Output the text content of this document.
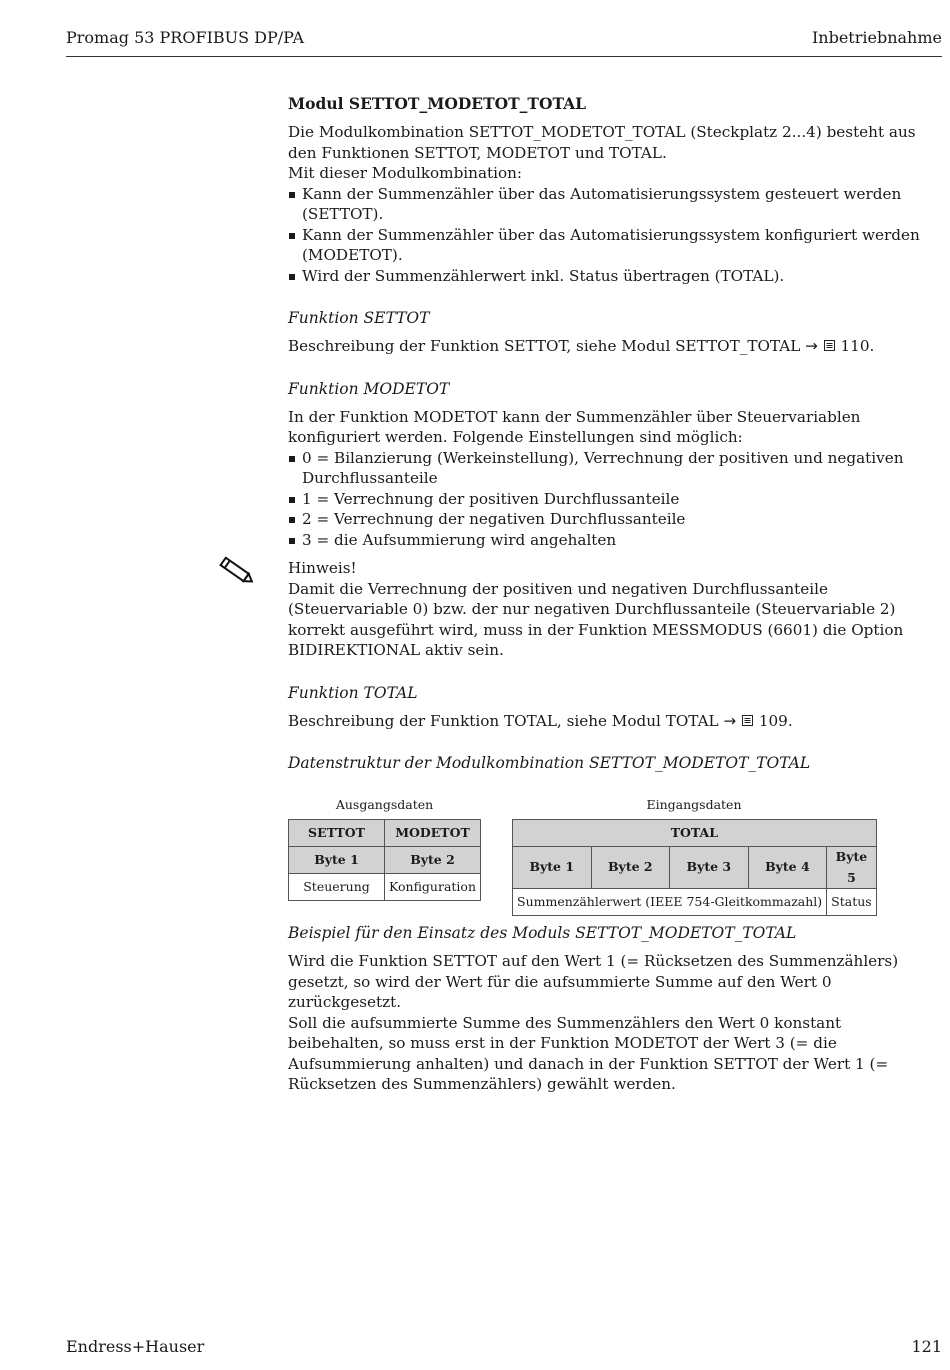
Promag 53 PROFIBUS DP/PA	Inbetriebnahme
Modul SETTOT_MODETOT_TOTAL

Die Modulkombination SETTOT_MODETOT_TOTAL (Steckplatz 2...4) besteht aus den Funktionen SETTOT, MODETOT und TOTAL.

Mit dieser Modulkombination:

Kann der Summenzähler über das Automatisierungssystem gesteuert werden (SETTOT).
Kann der Summenzähler über das Automatisierungssystem konfiguriert werden (MODETOT).
Wird der Summenzählerwert inkl. Status übertragen (TOTAL).
Funktion SETTOT

Beschreibung der Funktion SETTOT, siehe Modul SETTOT_TOTAL → 110.

Funktion MODETOT

In der Funktion MODETOT kann der Summenzähler über Steuervariablen konfiguriert werden. Folgende Einstellungen sind möglich:

0 = Bilanzierung (Werkeinstellung), Verrechnung der positiven und negativen Durchflussanteile
1 = Verrechnung der positiven Durchflussanteile
2 = Verrechnung der negativen Durchflussanteile
3 = die Aufsummierung wird angehalten

Hinweis!

Damit die Verrechnung der positiven und negativen Durchflussanteile (Steuervariable 0) bzw. der nur negativen Durchflussanteile (Steuervariable 2) korrekt ausgeführt wird, muss in der Funktion MESSMODUS (6601) die Option BIDIREKTIONAL aktiv sein.

Funktion TOTAL

Beschreibung der Funktion TOTAL, siehe Modul TOTAL → 109.

Datenstruktur der Modulkombination SETTOT_MODETOT_TOTAL
Ausgangsdaten	Eingangsdaten
SETTOT	MODETOT
Byte 1	Byte 2
Steuerung	Konfiguration
TOTAL				
Byte 1	Byte 2	Byte 3	Byte 4	Byte 5
Summenzählerwert (IEEE 754-Gleitkommazahl)				Status
Beispiel für den Einsatz des Moduls SETTOT_MODETOT_TOTAL

Wird die Funktion SETTOT auf den Wert 1 (= Rücksetzen des Summenzählers) gesetzt, so wird der Wert für die aufsummierte Summe auf den Wert 0 zurückgesetzt.

Soll die aufsummierte Summe des Summenzählers den Wert 0 konstant beibehalten, so muss erst in der Funktion MODETOT der Wert 3 (= die Aufsummierung anhalten) und danach in der Funktion SETTOT der Wert 1 (= Rücksetzen des Summenzählers) gewählt werden.

Endress+Hauser	121
